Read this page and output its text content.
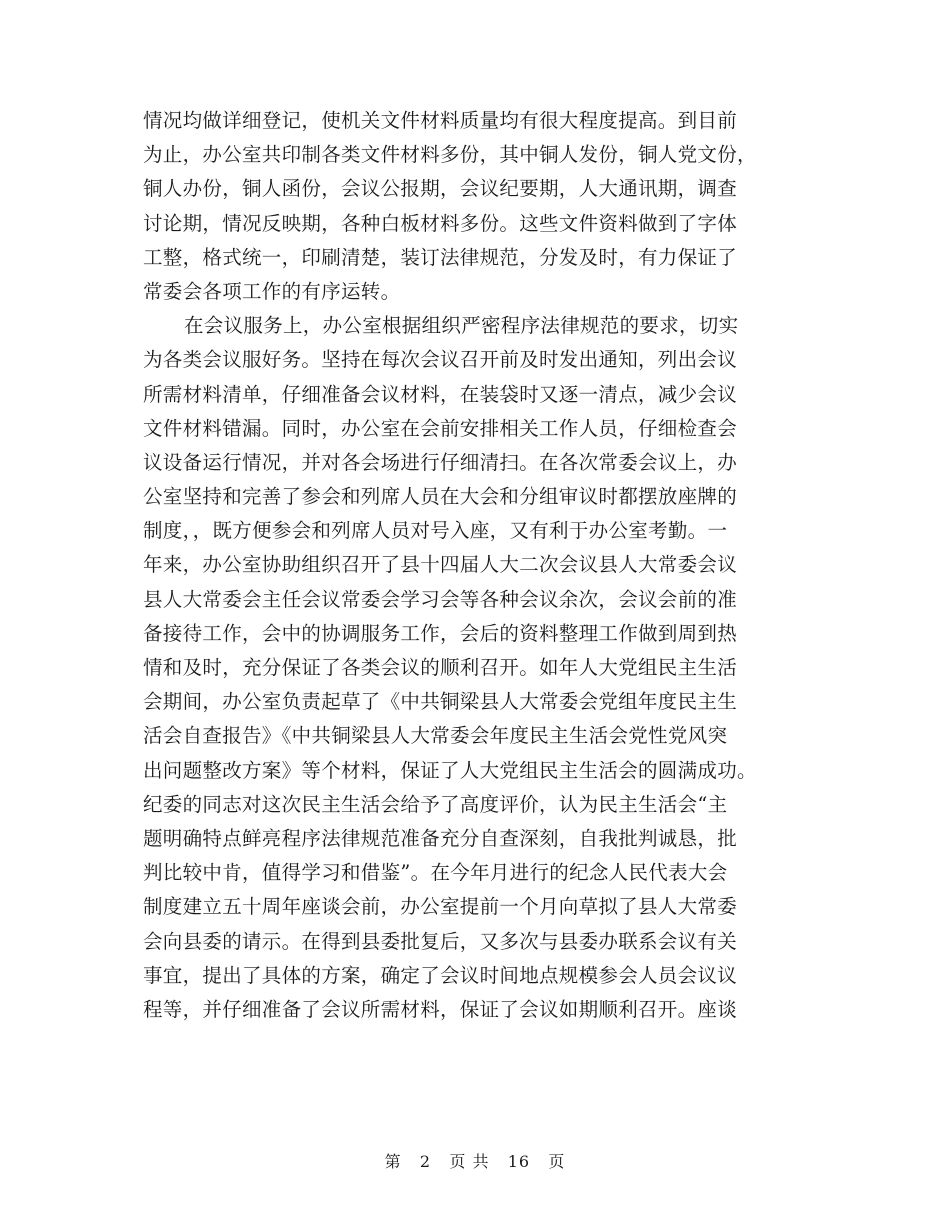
情况均做详细登记，使机关文件材料质量均有很大程度提高。到目前
为止，办公室共印制各类文件材料多份，其中铜人发份，铜人党文份，
铜人办份，铜人函份，会议公报期，会议纪要期，人大通讯期，调查
讨论期，情况反映期，各种白板材料多份。这些文件资料做到了字体
工整，格式统一，印刷清楚，装订法律规范，分发及时，有力保证了
常委会各项工作的有序运转。
在会议服务上，办公室根据组织严密程序法律规范的要求，切实
为各类会议服好务。坚持在每次会议召开前及时发出通知，列出会议
所需材料清单，仔细准备会议材料，在装袋时又逐一清点，减少会议
文件材料错漏。同时，办公室在会前安排相关工作人员，仔细检查会
议设备运行情况，并对各会场进行仔细清扫。在各次常委会议上，办
公室坚持和完善了参会和列席人员在大会和分组审议时都摆放座牌的
制度，，既方便参会和列席人员对号入座，又有利于办公室考勤。一
年来，办公室协助组织召开了县十四届人大二次会议县人大常委会议
县人大常委会主任会议常委会学习会等各种会议余次，会议会前的准
备接待工作，会中的协调服务工作，会后的资料整理工作做到周到热
情和及时，充分保证了各类会议的顺利召开。如年人大党组民主生活
会期间，办公室负责起草了《中共铜梁县人大常委会党组年度民主生
活会自查报告》《中共铜梁县人大常委会年度民主生活会党性党风突
出问题整改方案》等个材料，保证了人大党组民主生活会的圆满成功。
纪委的同志对这次民主生活会给予了高度评价，认为民主生活会“主
题明确特点鲜亮程序法律规范准备充分自查深刻，自我批判诚恳，批
判比较中肯，值得学习和借鉴”。在今年月进行的纪念人民代表大会
制度建立五十周年座谈会前，办公室提前一个月向草拟了县人大常委
会向县委的请示。在得到县委批复后，又多次与县委办联系会议有关
事宜，提出了具体的方案，确定了会议时间地点规模参会人员会议议
程等，并仔细准备了会议所需材料，保证了会议如期顺利召开。座谈
第 2 页 共 16 页
